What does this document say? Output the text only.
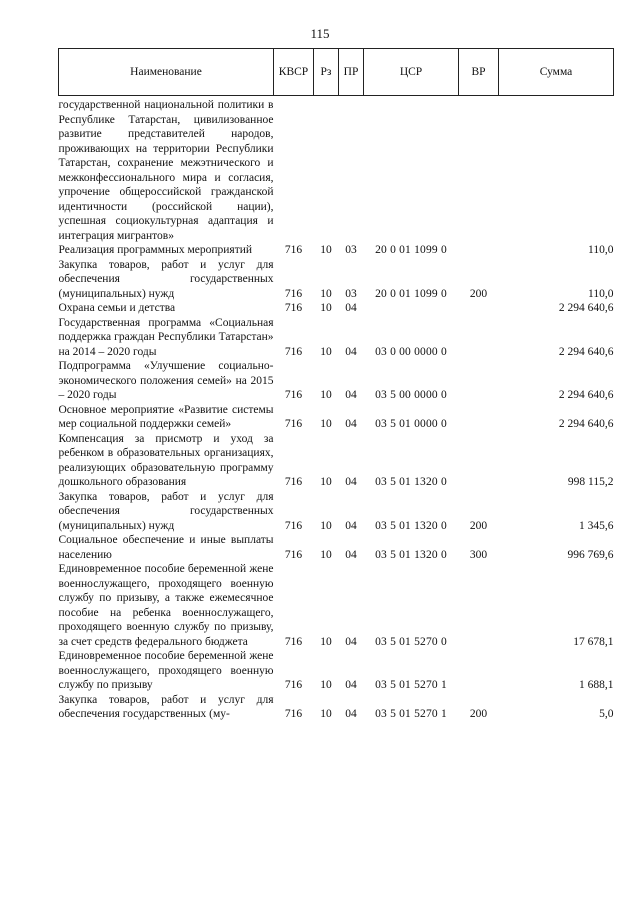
115
Наименование	КВСР	Рз	ПР	ЦСР	ВР	Сумма
государственной национальной политики в Республике Татарстан, цивилизованное развитие представителей народов, проживающих на территории Республики Татарстан, сохранение межэтнического и межконфессионального мира и согласия, упрочение общероссийской гражданской идентичности (российской нации), успешная социокультурная адаптация и интеграция мигрантов»						
Реализация программных мероприятий	716	10	03	20 0 01 1099 0		110,0
Закупка товаров, работ и услуг для обеспечения государственных (муниципальных) нужд	716	10	03	20 0 01 1099 0	200	110,0
Охрана семьи и детства	716	10	04			2 294 640,6
Государственная программа «Социальная поддержка граждан Республики Татарстан» на 2014 – 2020 годы	716	10	04	03 0 00 0000 0		2 294 640,6
Подпрограмма «Улучшение социально-экономического положения семей» на 2015 – 2020 годы	716	10	04	03 5 00 0000 0		2 294 640,6
Основное мероприятие «Развитие системы мер социальной поддержки семей»	716	10	04	03 5 01 0000 0		2 294 640,6
Компенсация за присмотр и уход за ребенком в образовательных организациях, реализующих образовательную программу дошкольного образования	716	10	04	03 5 01 1320 0		998 115,2
Закупка товаров, работ и услуг для обеспечения государственных (муниципальных) нужд	716	10	04	03 5 01 1320 0	200	1 345,6
Социальное обеспечение и иные выплаты населению	716	10	04	03 5 01 1320 0	300	996 769,6
Единовременное пособие беременной жене военнослужащего, проходящего военную службу по призыву, а также ежемесячное пособие на ребенка военнослужащего, проходящего военную службу по призыву, за счет средств федерального бюджета	716	10	04	03 5 01 5270 0		17 678,1
Единовременное пособие беременной жене военнослужащего, проходящего военную службу по призыву	716	10	04	03 5 01 5270 1		1 688,1
Закупка товаров, работ и услуг для обеспечения государственных (му-	716	10	04	03 5 01 5270 1	200	5,0
